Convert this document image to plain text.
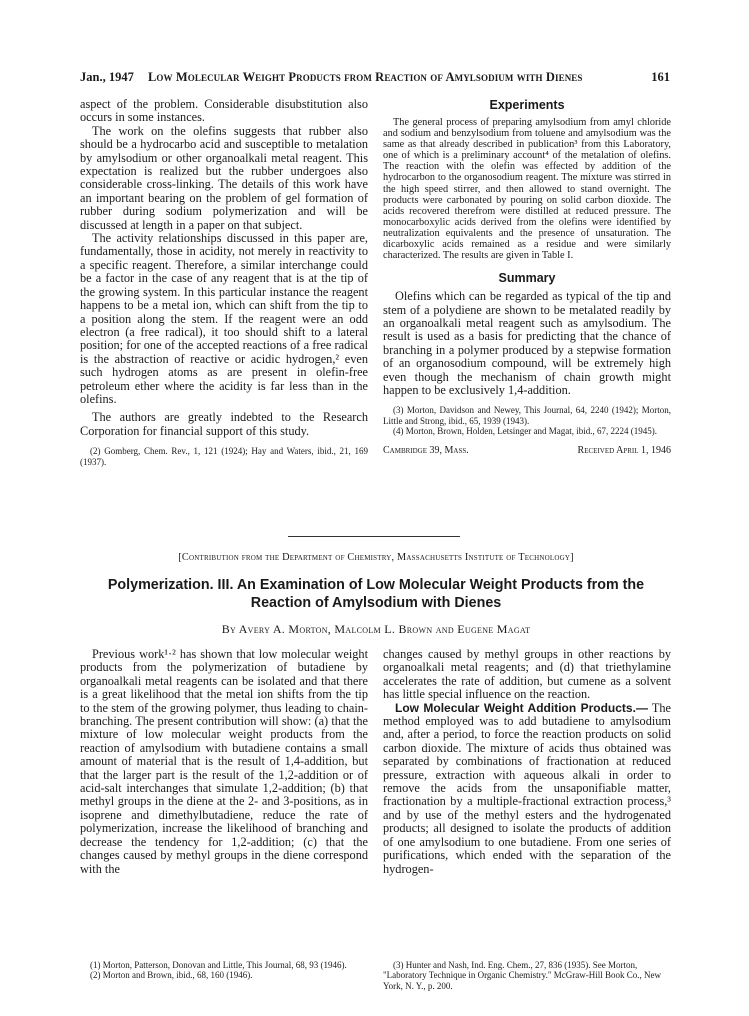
Jan., 1947 Low Molecular Weight Products from Reaction of Amylsodium with Dienes	161

aspect of the problem. Considerable disubstitution also occurs in some instances.

The work on the olefins suggests that rubber also should be a hydrocarbo acid and susceptible to metalation by amylsodium or other organoalkali metal reagent. This expectation is realized but the rubber undergoes also considerable cross-linking. The details of this work have an important bearing on the problem of gel formation of rubber during sodium polymerization and will be discussed at length in a paper on that subject.

The activity relationships discussed in this paper are, fundamentally, those in acidity, not merely in reactivity to a specific reagent. Therefore, a similar interchange could be a factor in the case of any reagent that is at the tip of the growing system. In this particular instance the reagent happens to be a metal ion, which can shift from the tip to a position along the stem. If the reagent were an odd electron (a free radical), it too should shift to a lateral position; for one of the accepted reactions of a free radical is the abstraction of reactive or acidic hydrogen,² even such hydrogen atoms as are present in olefin-free petroleum ether where the acidity is far less than in the olefins.

The authors are greatly indebted to the Research Corporation for financial support of this study.

(2) Gomberg, Chem. Rev., 1, 121 (1924); Hay and Waters, ibid., 21, 169 (1937).

Experiments

The general process of preparing amylsodium from amyl chloride and sodium and benzylsodium from toluene and amylsodium was the same as that already described in publication³ from this Laboratory, one of which is a preliminary account⁴ of the metalation of olefins. The reaction with the olefin was effected by addition of the hydrocarbon to the organosodium reagent. The mixture was stirred in the high speed stirrer, and then allowed to stand overnight. The products were carbonated by pouring on solid carbon dioxide. The acids recovered therefrom were distilled at reduced pressure. The monocarboxylic acids derived from the olefins were identified by neutralization equivalents and the presence of unsaturation. The dicarboxylic acids remained as a residue and were similarly characterized. The results are given in Table I.

Summary

Olefins which can be regarded as typical of the tip and stem of a polydiene are shown to be metalated readily by an organoalkali metal reagent such as amylsodium. The result is used as a basis for predicting that the chance of branching in a polymer produced by a stepwise formation of an organosodium compound, will be extremely high even though the mechanism of chain growth might happen to be exclusively 1,4-addition.

(3) Morton, Davidson and Newey, This Journal, 64, 2240 (1942); Morton, Little and Strong, ibid., 65, 1939 (1943).

(4) Morton, Brown, Holden, Letsinger and Magat, ibid., 67, 2224 (1945).

Cambridge 39, Mass.	Received April 1, 1946
[Contribution from the Department of Chemistry, Massachusetts Institute of Technology]
Polymerization. III. An Examination of Low Molecular Weight Products from the Reaction of Amylsodium with Dienes
By Avery A. Morton, Malcolm L. Brown and Eugene Magat

Previous work¹·² has shown that low molecular weight products from the polymerization of butadiene by organoalkali metal reagents can be isolated and that there is a great likelihood that the metal ion shifts from the tip to the stem of the growing polymer, thus leading to chain-branching. The present contribution will show: (a) that the mixture of low molecular weight products from the reaction of amylsodium with butadiene contains a small amount of material that is the result of 1,4-addition, but that the larger part is the result of the 1,2-addition or of acid-salt interchanges that simulate 1,2-addition; (b) that methyl groups in the diene at the 2- and 3-positions, as in isoprene and dimethylbutadiene, reduce the rate of polymerization, increase the likelihood of branching and decrease the tendency for 1,2-addition; (c) that the changes caused by methyl groups in the diene correspond with the

(1) Morton, Patterson, Donovan and Little, This Journal, 68, 93 (1946).

(2) Morton and Brown, ibid., 68, 160 (1946).

changes caused by methyl groups in other reactions by organoalkali metal reagents; and (d) that triethylamine accelerates the rate of addition, but cumene as a solvent has little special influence on the reaction.

Low Molecular Weight Addition Products.— The method employed was to add butadiene to amylsodium and, after a period, to force the reaction products on solid carbon dioxide. The mixture of acids thus obtained was separated by combinations of fractionation at reduced pressure, extraction with aqueous alkali in order to remove the acids from the unsaponifiable matter, fractionation by a multiple-fractional extraction process,³ and by use of the methyl esters and the hydrogenated products; all designed to isolate the products of addition of one amylsodium to one butadiene. From one series of purifications, which ended with the separation of the hydrogen-

(3) Hunter and Nash, Ind. Eng. Chem., 27, 836 (1935). See Morton, "Laboratory Technique in Organic Chemistry." McGraw-Hill Book Co., New York, N. Y., p. 200.
